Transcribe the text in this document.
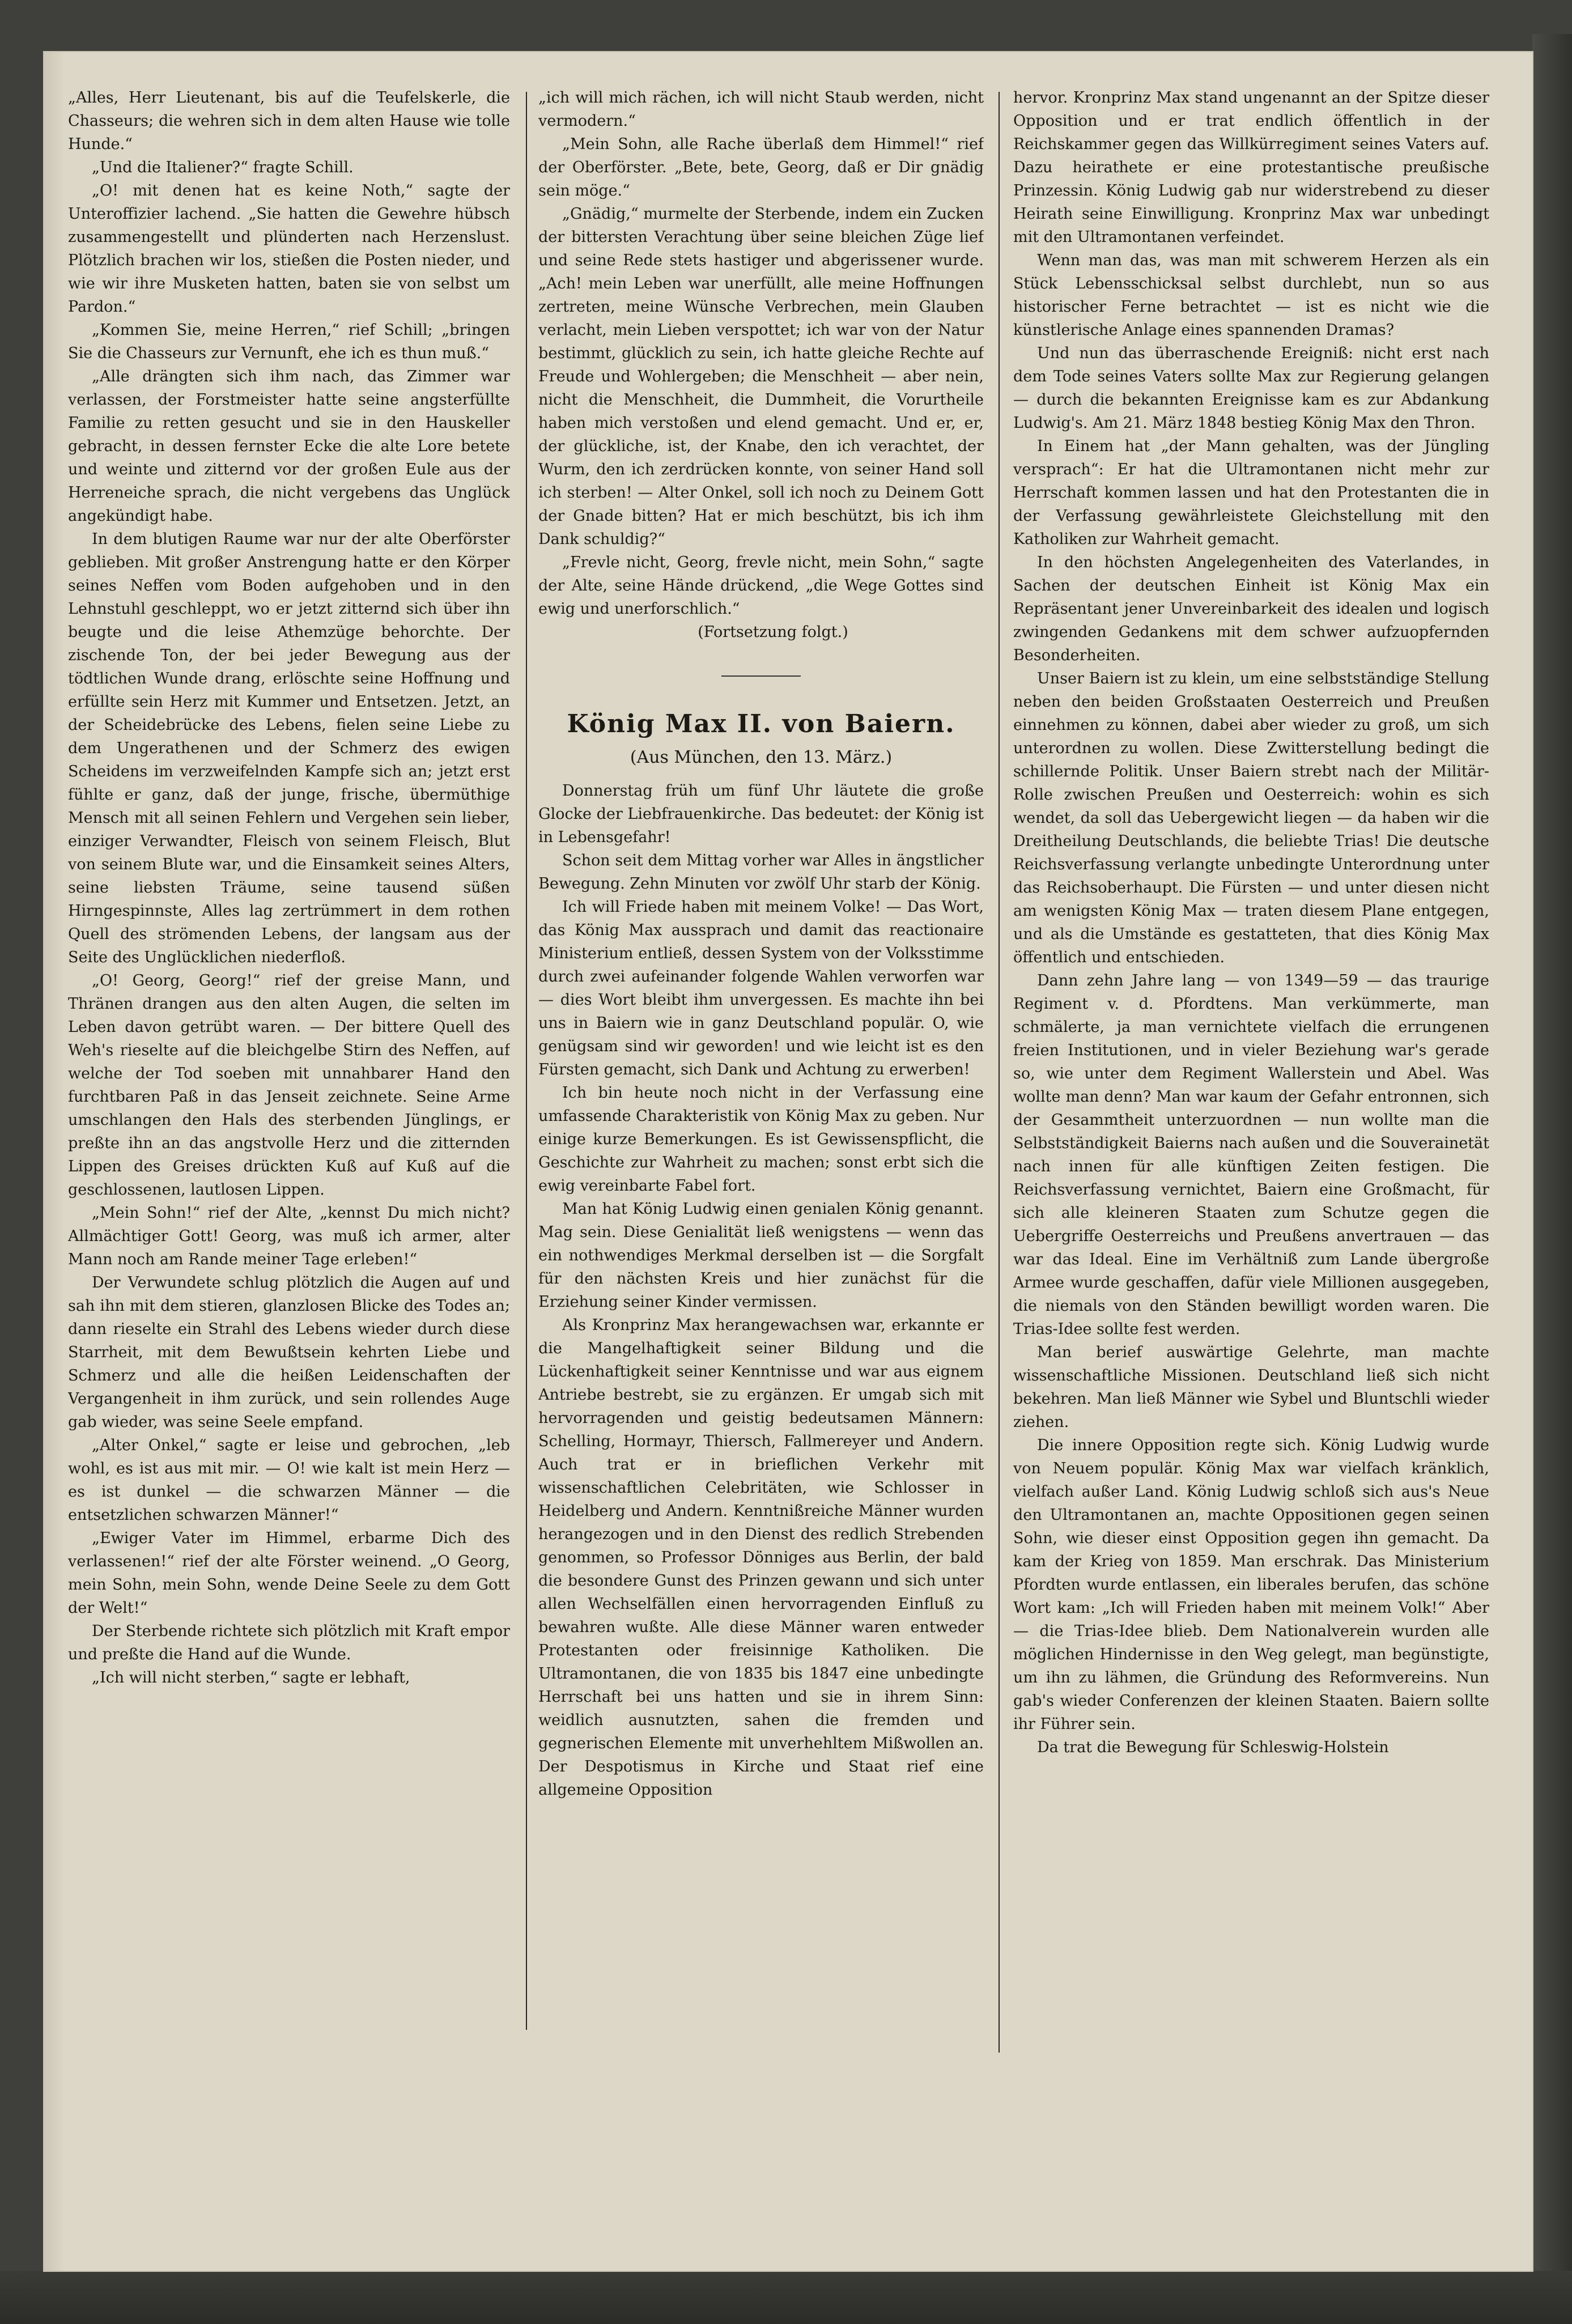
„Alles, Herr Lieutenant, bis auf die Teufelskerle, die Chasseurs; die wehren sich in dem alten Hause wie tolle Hunde.“

„Und die Italiener?“ fragte Schill.

„O! mit denen hat es keine Noth,“ sagte der Unteroffizier lachend. „Sie hatten die Gewehre hübsch zusammengestellt und plünderten nach Herzenslust. Plötzlich brachen wir los, stießen die Posten nieder, und wie wir ihre Musketen hatten, baten sie von selbst um Pardon.“

„Kommen Sie, meine Herren,“ rief Schill; „bringen Sie die Chasseurs zur Vernunft, ehe ich es thun muß.“

„Alle drängten sich ihm nach, das Zimmer war verlassen, der Forstmeister hatte seine angsterfüllte Familie zu retten gesucht und sie in den Hauskeller gebracht, in dessen fernster Ecke die alte Lore betete und weinte und zitternd vor der großen Eule aus der Herreneiche sprach, die nicht vergebens das Unglück angekündigt habe.

In dem blutigen Raume war nur der alte Oberförster geblieben. Mit großer Anstrengung hatte er den Körper seines Neffen vom Boden aufgehoben und in den Lehnstuhl geschleppt, wo er jetzt zitternd sich über ihn beugte und die leise Athemzüge behorchte. Der zischende Ton, der bei jeder Bewegung aus der tödtlichen Wunde drang, erlöschte seine Hoffnung und erfüllte sein Herz mit Kummer und Entsetzen. Jetzt, an der Scheidebrücke des Lebens, fielen seine Liebe zu dem Ungerathenen und der Schmerz des ewigen Scheidens im verzweifelnden Kampfe sich an; jetzt erst fühlte er ganz, daß der junge, frische, übermüthige Mensch mit all seinen Fehlern und Vergehen sein lieber, einziger Verwandter, Fleisch von seinem Fleisch, Blut von seinem Blute war, und die Einsamkeit seines Alters, seine liebsten Träume, seine tausend süßen Hirngespinnste, Alles lag zertrümmert in dem rothen Quell des strömenden Lebens, der langsam aus der Seite des Unglücklichen niederfloß.

„O! Georg, Georg!“ rief der greise Mann, und Thränen drangen aus den alten Augen, die selten im Leben davon getrübt waren. — Der bittere Quell des Weh's rieselte auf die bleichgelbe Stirn des Neffen, auf welche der Tod soeben mit unnahbarer Hand den furchtbaren Paß in das Jenseit zeichnete. Seine Arme umschlangen den Hals des sterbenden Jünglings, er preßte ihn an das angstvolle Herz und die zitternden Lippen des Greises drückten Kuß auf Kuß auf die geschlossenen, lautlosen Lippen.

„Mein Sohn!“ rief der Alte, „kennst Du mich nicht? Allmächtiger Gott! Georg, was muß ich armer, alter Mann noch am Rande meiner Tage erleben!“

Der Verwundete schlug plötzlich die Augen auf und sah ihn mit dem stieren, glanzlosen Blicke des Todes an; dann rieselte ein Strahl des Lebens wieder durch diese Starrheit, mit dem Bewußtsein kehrten Liebe und Schmerz und alle die heißen Leidenschaften der Vergangenheit in ihm zurück, und sein rollendes Auge gab wieder, was seine Seele empfand.

„Alter Onkel,“ sagte er leise und gebrochen, „leb wohl, es ist aus mit mir. — O! wie kalt ist mein Herz — es ist dunkel — die schwarzen Männer — die entsetzlichen schwarzen Männer!“

„Ewiger Vater im Himmel, erbarme Dich des verlassenen!“ rief der alte Förster weinend. „O Georg, mein Sohn, mein Sohn, wende Deine Seele zu dem Gott der Welt!“

Der Sterbende richtete sich plötzlich mit Kraft empor und preßte die Hand auf die Wunde.

„Ich will nicht sterben,“ sagte er lebhaft,

„ich will mich rächen, ich will nicht Staub werden, nicht vermodern.“

„Mein Sohn, alle Rache überlaß dem Himmel!“ rief der Oberförster. „Bete, bete, Georg, daß er Dir gnädig sein möge.“

„Gnädig,“ murmelte der Sterbende, indem ein Zucken der bittersten Verachtung über seine bleichen Züge lief und seine Rede stets hastiger und abgerissener wurde. „Ach! mein Leben war unerfüllt, alle meine Hoffnungen zertreten, meine Wünsche Verbrechen, mein Glauben verlacht, mein Lieben verspottet; ich war von der Natur bestimmt, glücklich zu sein, ich hatte gleiche Rechte auf Freude und Wohlergeben; die Menschheit — aber nein, nicht die Menschheit, die Dummheit, die Vorurtheile haben mich verstoßen und elend gemacht. Und er, er, der glückliche, ist, der Knabe, den ich verachtet, der Wurm, den ich zerdrücken konnte, von seiner Hand soll ich sterben! — Alter Onkel, soll ich noch zu Deinem Gott der Gnade bitten? Hat er mich beschützt, bis ich ihm Dank schuldig?“

„Frevle nicht, Georg, frevle nicht, mein Sohn,“ sagte der Alte, seine Hände drückend, „die Wege Gottes sind ewig und unerforschlich.“

(Fortsetzung folgt.)

König Max II. von Baiern.
(Aus München, den 13. März.)

Donnerstag früh um fünf Uhr läutete die große Glocke der Liebfrauenkirche. Das bedeutet: der König ist in Lebensgefahr!

Schon seit dem Mittag vorher war Alles in ängstlicher Bewegung. Zehn Minuten vor zwölf Uhr starb der König.

Ich will Friede haben mit meinem Volke! — Das Wort, das König Max aussprach und damit das reactionaire Ministerium entließ, dessen System von der Volksstimme durch zwei aufeinander folgende Wahlen verworfen war — dies Wort bleibt ihm unvergessen. Es machte ihn bei uns in Baiern wie in ganz Deutschland populär. O, wie genügsam sind wir geworden! und wie leicht ist es den Fürsten gemacht, sich Dank und Achtung zu erwerben!

Ich bin heute noch nicht in der Verfassung eine umfassende Charakteristik von König Max zu geben. Nur einige kurze Bemerkungen. Es ist Gewissenspflicht, die Geschichte zur Wahrheit zu machen; sonst erbt sich die ewig vereinbarte Fabel fort.

Man hat König Ludwig einen genialen König genannt. Mag sein. Diese Genialität ließ wenigstens — wenn das ein nothwendiges Merkmal derselben ist — die Sorgfalt für den nächsten Kreis und hier zunächst für die Erziehung seiner Kinder vermissen.

Als Kronprinz Max herangewachsen war, erkannte er die Mangelhaftigkeit seiner Bildung und die Lückenhaftigkeit seiner Kenntnisse und war aus eignem Antriebe bestrebt, sie zu ergänzen. Er umgab sich mit hervorragenden und geistig bedeutsamen Männern: Schelling, Hormayr, Thiersch, Fallmereyer und Andern. Auch trat er in brieflichen Verkehr mit wissenschaftlichen Celebritäten, wie Schlosser in Heidelberg und Andern. Kenntnißreiche Männer wurden herangezogen und in den Dienst des redlich Strebenden genommen, so Professor Dönniges aus Berlin, der bald die besondere Gunst des Prinzen gewann und sich unter allen Wechselfällen einen hervorragenden Einfluß zu bewahren wußte. Alle diese Männer waren entweder Protestanten oder freisinnige Katholiken. Die Ultramontanen, die von 1835 bis 1847 eine unbedingte Herrschaft bei uns hatten und sie in ihrem Sinn: weidlich ausnutzten, sahen die fremden und gegnerischen Elemente mit unverhehltem Mißwollen an. Der Despotismus in Kirche und Staat rief eine allgemeine Opposition

hervor. Kronprinz Max stand ungenannt an der Spitze dieser Opposition und er trat endlich öffentlich in der Reichskammer gegen das Willkürregiment seines Vaters auf. Dazu heirathete er eine protestantische preußische Prinzessin. König Ludwig gab nur widerstrebend zu dieser Heirath seine Einwilligung. Kronprinz Max war unbedingt mit den Ultramontanen verfeindet.

Wenn man das, was man mit schwerem Herzen als ein Stück Lebensschicksal selbst durchlebt, nun so aus historischer Ferne betrachtet — ist es nicht wie die künstlerische Anlage eines spannenden Dramas?

Und nun das überraschende Ereigniß: nicht erst nach dem Tode seines Vaters sollte Max zur Regierung gelangen — durch die bekannten Ereignisse kam es zur Abdankung Ludwig's. Am 21. März 1848 bestieg König Max den Thron.

In Einem hat „der Mann gehalten, was der Jüngling versprach“: Er hat die Ultramontanen nicht mehr zur Herrschaft kommen lassen und hat den Protestanten die in der Verfassung gewährleistete Gleichstellung mit den Katholiken zur Wahrheit gemacht.

In den höchsten Angelegenheiten des Vaterlandes, in Sachen der deutschen Einheit ist König Max ein Repräsentant jener Unvereinbarkeit des idealen und logisch zwingenden Gedankens mit dem schwer aufzuopfernden Besonderheiten.

Unser Baiern ist zu klein, um eine selbstständige Stellung neben den beiden Großstaaten Oesterreich und Preußen einnehmen zu können, dabei aber wieder zu groß, um sich unterordnen zu wollen. Diese Zwitterstellung bedingt die schillernde Politik. Unser Baiern strebt nach der Militär-Rolle zwischen Preußen und Oesterreich: wohin es sich wendet, da soll das Uebergewicht liegen — da haben wir die Dreitheilung Deutschlands, die beliebte Trias! Die deutsche Reichsverfassung verlangte unbedingte Unterordnung unter das Reichsoberhaupt. Die Fürsten — und unter diesen nicht am wenigsten König Max — traten diesem Plane entgegen, und als die Umstände es gestatteten, that dies König Max öffentlich und entschieden.

Dann zehn Jahre lang — von 1349—59 — das traurige Regiment v. d. Pfordtens. Man verkümmerte, man schmälerte, ja man vernichtete vielfach die errungenen freien Institutionen, und in vieler Beziehung war's gerade so, wie unter dem Regiment Wallerstein und Abel. Was wollte man denn? Man war kaum der Gefahr entronnen, sich der Gesammtheit unterzuordnen — nun wollte man die Selbstständigkeit Baierns nach außen und die Souverainetät nach innen für alle künftigen Zeiten festigen. Die Reichsverfassung vernichtet, Baiern eine Großmacht, für sich alle kleineren Staaten zum Schutze gegen die Uebergriffe Oesterreichs und Preußens anvertrauen — das war das Ideal. Eine im Verhältniß zum Lande übergroße Armee wurde geschaffen, dafür viele Millionen ausgegeben, die niemals von den Ständen bewilligt worden waren. Die Trias-Idee sollte fest werden.

Man berief auswärtige Gelehrte, man machte wissenschaftliche Missionen. Deutschland ließ sich nicht bekehren. Man ließ Männer wie Sybel und Bluntschli wieder ziehen.

Die innere Opposition regte sich. König Ludwig wurde von Neuem populär. König Max war vielfach kränklich, vielfach außer Land. König Ludwig schloß sich aus's Neue den Ultramontanen an, machte Oppositionen gegen seinen Sohn, wie dieser einst Opposition gegen ihn gemacht. Da kam der Krieg von 1859. Man erschrak. Das Ministerium Pfordten wurde entlassen, ein liberales berufen, das schöne Wort kam: „Ich will Frieden haben mit meinem Volk!“ Aber — die Trias-Idee blieb. Dem Nationalverein wurden alle möglichen Hindernisse in den Weg gelegt, man begünstigte, um ihn zu lähmen, die Gründung des Reformvereins. Nun gab's wieder Conferenzen der kleinen Staaten. Baiern sollte ihr Führer sein.

Da trat die Bewegung für Schleswig-Holstein
